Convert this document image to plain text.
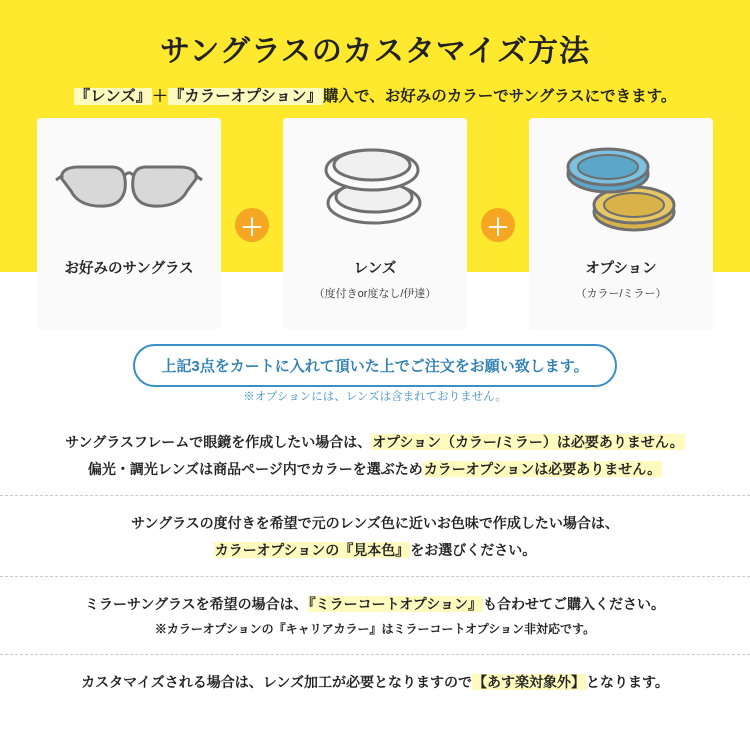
サングラスのカスタマイズ方法
『レンズ』＋『カラーオプション』購入で、お好みのカラーでサングラスにできます。
お好みのサングラス
＋
レンズ
（度付きor度なし/伊達）
＋
オプション
（カラー/ミラー）
上記3点をカートに入れて頂いた上でご注文をお願い致します。
※オプションには、レンズは含まれておりません。
サングラスフレームで眼鏡を作成したい場合は、オプション（カラー/ミラー）は必要ありません。
偏光・調光レンズは商品ページ内でカラーを選ぶためカラーオプションは必要ありません。
サングラスの度付きを希望で元のレンズ色に近いお色味で作成したい場合は、
カラーオプションの『見本色』をお選びください。
ミラーサングラスを希望の場合は、『ミラーコートオプション』も合わせてご購入ください。
※カラーオプションの『キャリアカラー』はミラーコートオプション非対応です。
カスタマイズされる場合は、レンズ加工が必要となりますので【あす楽対象外】となります。
